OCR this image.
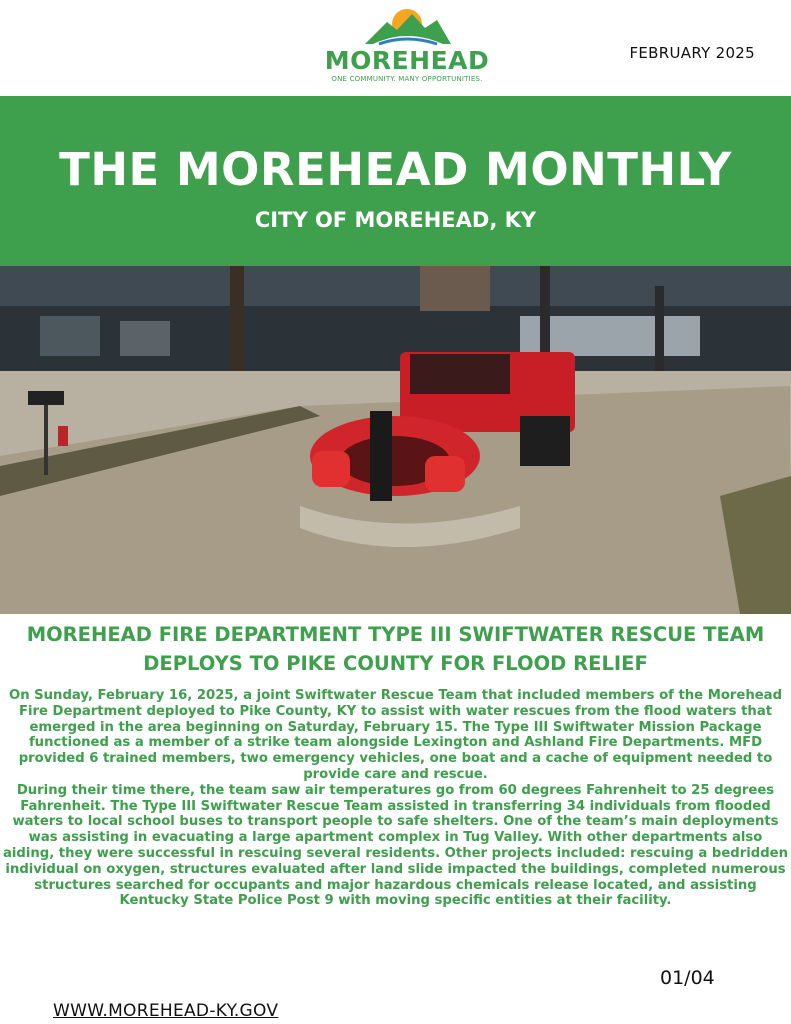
MOREHEAD
ONE COMMUNITY. MANY OPPORTUNITIES.
FEBRUARY 2025
THE MOREHEAD MONTHLY
CITY OF MOREHEAD, KY
MOREHEAD FIRE DEPARTMENT TYPE III SWIFTWATER RESCUE TEAM DEPLOYS TO PIKE COUNTY FOR FLOOD RELIEF

On Sunday, February 16, 2025, a joint Swiftwater Rescue Team that included members of the Morehead Fire Department deployed to Pike County, KY to assist with water rescues from the flood waters that emerged in the area beginning on Saturday, February 15. The Type III Swiftwater Mission Package functioned as a member of a strike team alongside Lexington and Ashland Fire Departments. MFD provided 6 trained members, two emergency vehicles, one boat and a cache of equipment needed to provide care and rescue.

During their time there, the team saw air temperatures go from 60 degrees Fahrenheit to 25 degrees Fahrenheit. The Type III Swiftwater Rescue Team assisted in transferring 34 individuals from flooded waters to local school buses to transport people to safe shelters. One of the team’s main deployments was assisting in evacuating a large apartment complex in Tug Valley. With other departments also aiding, they were successful in rescuing several residents. Other projects included: rescuing a bedridden individual on oxygen, structures evaluated after land slide impacted the buildings, completed numerous structures searched for occupants and major hazardous chemicals release located, and assisting Kentucky State Police Post 9 with moving specific entities at their facility.

WWW.MOREHEAD-KY.GOV
01/04
